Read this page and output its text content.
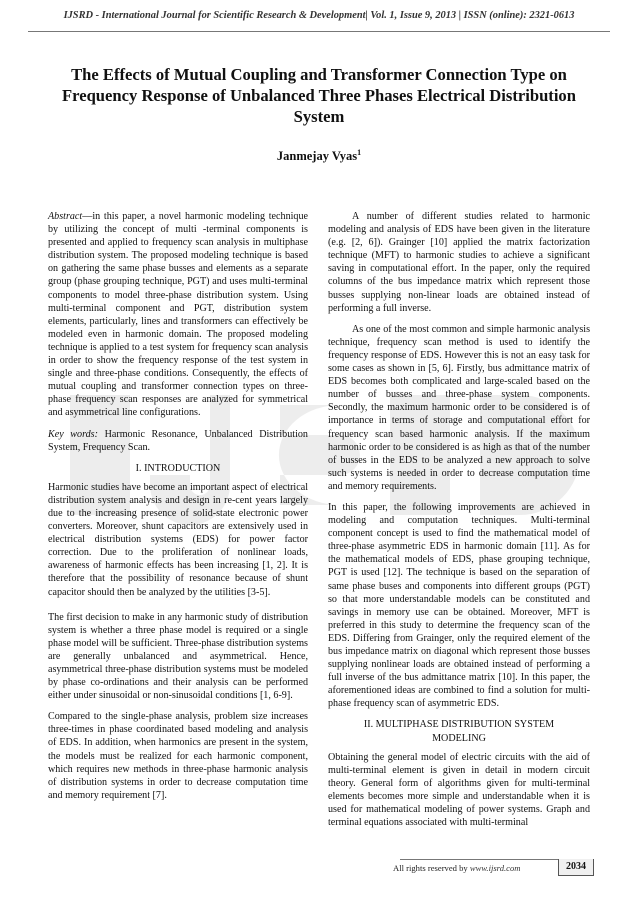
IJSRD - International Journal for Scientific Research & Development| Vol. 1, Issue 9, 2013 | ISSN (online): 2321-0613
The Effects of Mutual Coupling and Transformer Connection Type on Frequency Response of Unbalanced Three Phases Electrical Distribution System
Janmejay Vyas$^1$

Abstract—in this paper, a novel harmonic modeling technique by utilizing the concept of multi -terminal components is presented and applied to frequency scan analysis in multiphase distribution system. The proposed modeling technique is based on gathering the same phase busses and elements as a separate group (phase grouping technique, PGT) and uses multi-terminal components to model three-phase distribution system. Using multi-terminal component and PGT, distribution system elements, particularly, lines and transformers can effectively be modeled even in harmonic domain. The proposed modeling technique is applied to a test system for frequency scan analysis in order to show the frequency response of the test system in single and three-phase conditions. Consequently, the effects of mutual coupling and transformer connection types on three-phase frequency scan responses are analyzed for symmetrical and asymmetrical line configurations.

Key words: Harmonic Resonance, Unbalanced Distribution System, Frequency Scan.

I. INTRODUCTION

Harmonic studies have become an important aspect of electrical distribution system analysis and design in re-cent years largely due to the increasing presence of solid-state electronic power converters. Moreover, shunt capacitors are extensively used in electrical distribution systems (EDS) for power factor correction. Due to the proliferation of nonlinear loads, awareness of harmonic effects has been increasing [1, 2]. It is therefore that the possibility of resonance because of shunt capacitor should then be analyzed by the utilities [3-5].

The first decision to make in any harmonic study of distribution system is whether a three phase model is required or a single phase model will be sufficient. Three-phase distribution systems are generally unbalanced and asymmetrical. Hence, asymmetrical three-phase distribution systems must be modeled by phase co-ordinations and their analysis can be performed either under sinusoidal or non-sinusoidal conditions [1, 6-9].

Compared to the single-phase analysis, problem size increases three-times in phase coordinated based modeling and analysis of EDS. In addition, when harmonics are present in the system, the models must be realized for each harmonic component, which requires new methods in three-phase harmonic analysis of distribution systems in order to decrease computation time and memory requirement [7].

A number of different studies related to harmonic modeling and analysis of EDS have been given in the literature (e.g. [2, 6]). Grainger [10] applied the matrix factorization technique (MFT) to harmonic studies to achieve a significant saving in computational effort. In the paper, only the required columns of the bus impedance matrix which represent those busses supplying non-linear loads are obtained instead of performing a full inverse.

As one of the most common and simple harmonic analysis technique, frequency scan method is used to identify the frequency response of EDS. However this is not an easy task for some cases as shown in [5, 6]. Firstly, bus admittance matrix of EDS becomes both complicated and large-scaled based on the number of busses and three-phase system components. Secondly, the maximum harmonic order to be considered is of importance in terms of storage and computational effort for frequency scan based harmonic analysis. If the maximum harmonic order to be considered is as high as that of the number of busses in the EDS to be analyzed a new approach to solve such systems is needed in order to decrease computation time and memory requirements.

In this paper, the following improvements are achieved in modeling and computation techniques. Multi-terminal component concept is used to find the mathematical model of three-phase asymmetric EDS in harmonic domain [11]. As for the mathematical models of EDS, phase grouping technique, PGT is used [12]. The technique is based on the separation of same phase buses and components into different groups (PGT) so that more understandable models can be constituted and savings in memory use can be obtained. Moreover, MFT is preferred in this study to determine the frequency scan of the EDS. Differing from Grainger, only the required element of the bus impedance matrix on diagonal which represent those busses supplying nonlinear loads are obtained instead of performing a full inverse of the bus admittance matrix [10]. In this paper, the aforementioned ideas are combined to find a solution for multi-phase frequency scan of asymmetric EDS.

II. MULTIPHASE DISTRIBUTION SYSTEM
MODELING

Obtaining the general model of electric circuits with the aid of multi-terminal element is given in detail in modern circuit theory. General form of algorithms given for multi-terminal elements becomes more simple and understandable when it is used for mathematical modeling of power systems. Graph and terminal equations associated with multi-terminal

All rights reserved by www.ijsrd.com	2034
